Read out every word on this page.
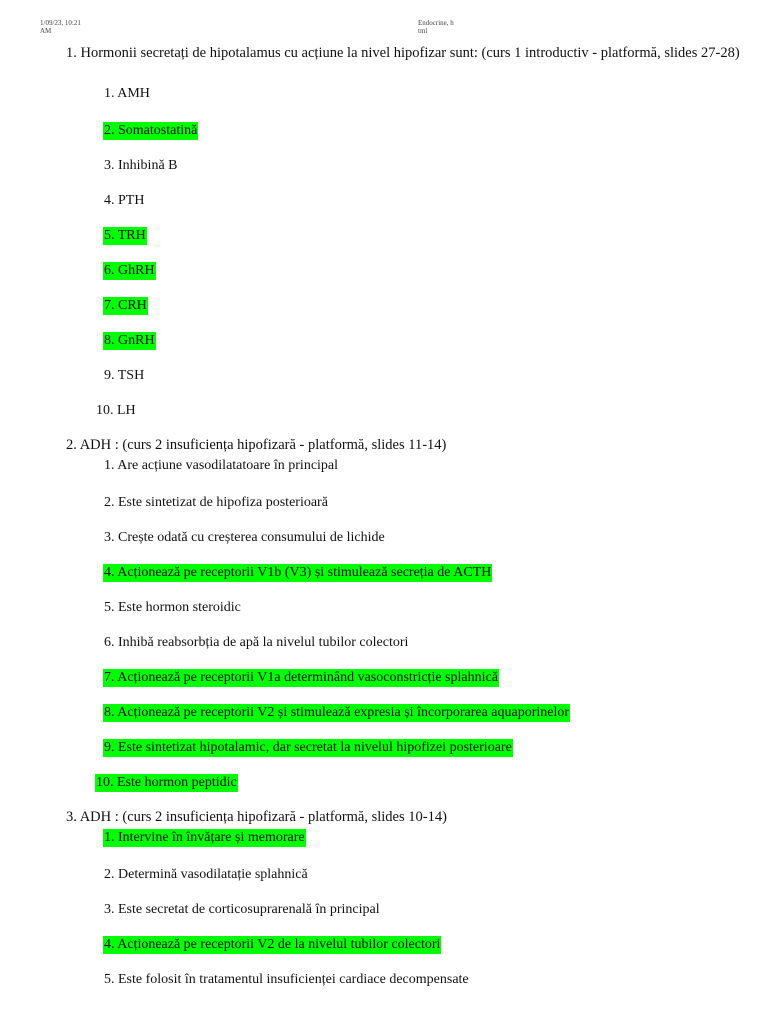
1/09/23, 10:21
AM
Endocrine, h
tml
1. Hormonii secretați de hipotalamus cu acțiune la nivel hipofizar sunt: (curs 1 introductiv - platformă, slides 27-28)
1. AMH
2. Somatostatină
3. Inhibină B
4. PTH
5. TRH
6. GhRH
7. CRH
8. GnRH
9. TSH
10. LH
2. ADH : (curs 2 insuficiența hipofizară - platformă, slides 11-14)
1. Are acțiune vasodilatatoare în principal
2. Este sintetizat de hipofiza posterioară
3. Crește odată cu creșterea consumului de lichide
4. Acționează pe receptorii V1b (V3) și stimulează secreția de ACTH
5. Este hormon steroidic
6. Inhibă reabsorbția de apă la nivelul tubilor colectori
7. Acționează pe receptorii V1a determinând vasoconstricție splahnică
8. Acționează pe receptorii V2 și stimulează expresia și încorporarea aquaporinelor
9. Este sintetizat hipotalamic, dar secretat la nivelul hipofizei posterioare
10. Este hormon peptidic
3. ADH : (curs 2 insuficiența hipofizară - platformă, slides 10-14)
1. Intervine în învățare și memorare
2. Determină vasodilatație splahnică
3. Este secretat de corticosuprarenală în principal
4. Acționează pe receptorii V2 de la nivelul tubilor colectori
5. Este folosit în tratamentul insuficienței cardiace decompensate
